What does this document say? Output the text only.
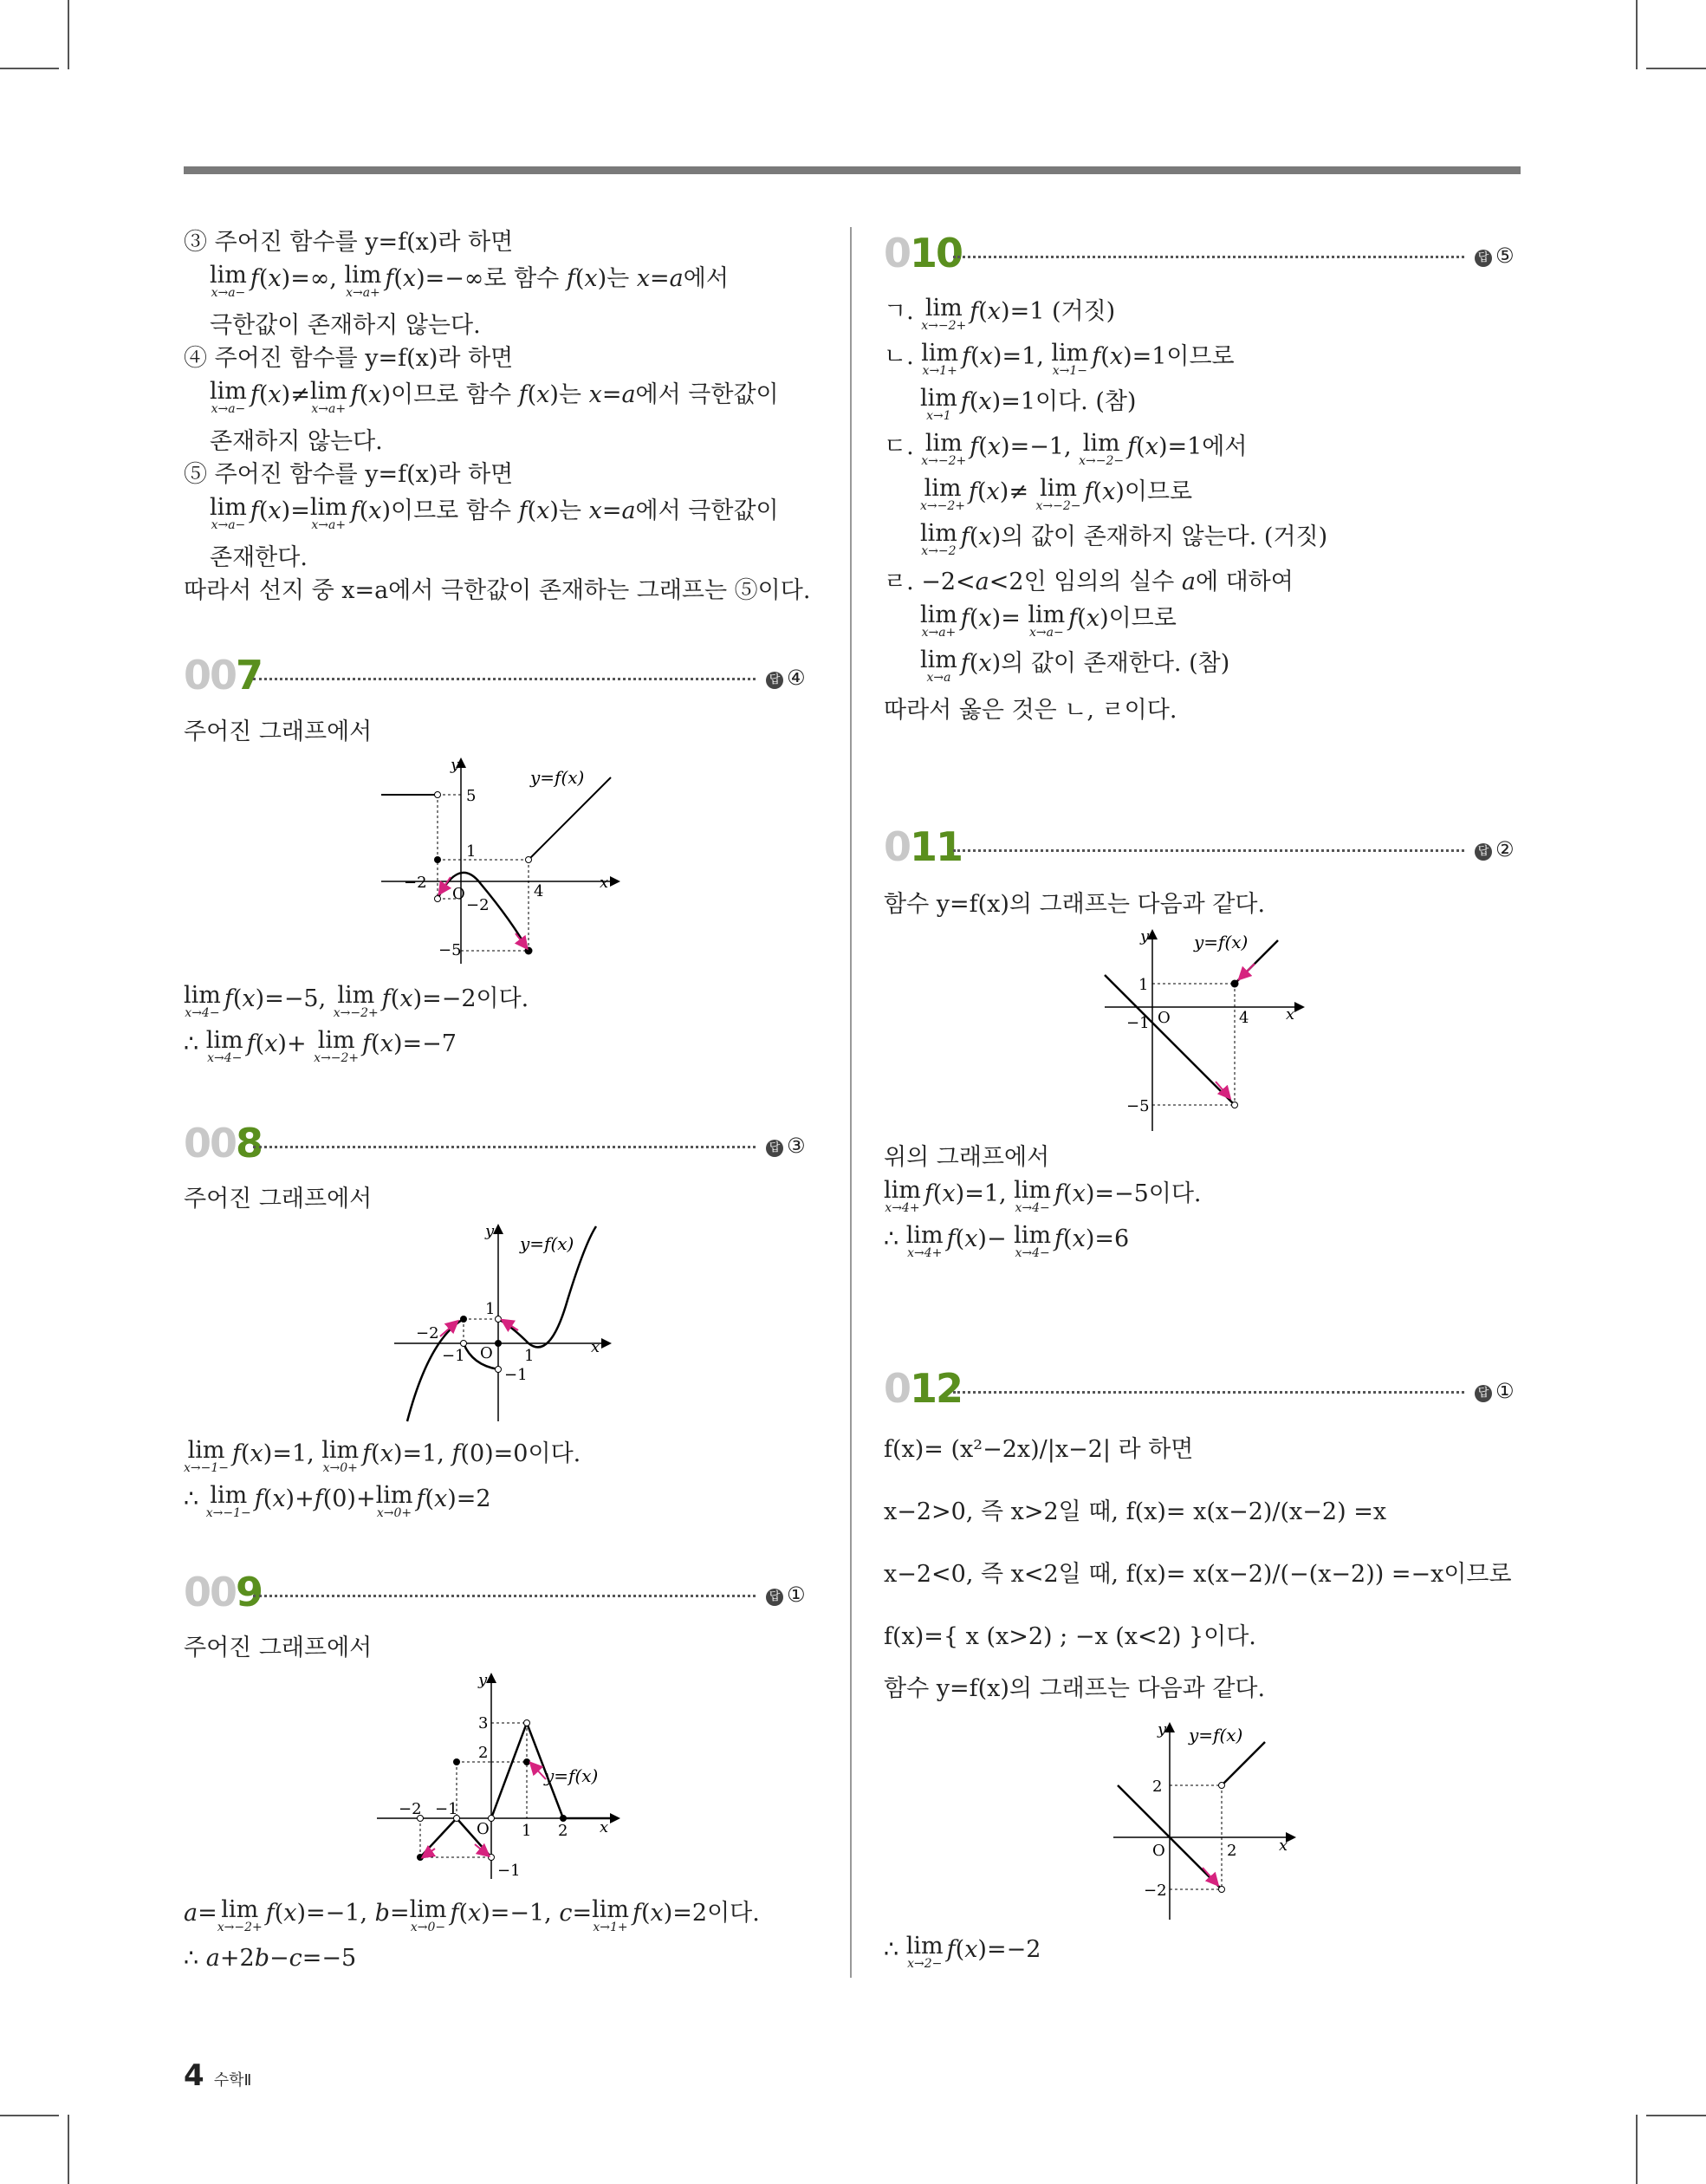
③ 주어진 함수를 y=f(x)라 하면
lim
x→a−
f(x)=∞, lim
x→a+
f(x)=−∞로 함수 f(x)는 x=a에서
극한값이 존재하지 않는다.
④ 주어진 함수를 y=f(x)라 하면
lim
x→a−
f(x)≠lim
x→a+
f(x)이므로 함수 f(x)는 x=a에서 극한값이
존재하지 않는다.
⑤ 주어진 함수를 y=f(x)라 하면
lim
x→a−
f(x)=lim
x→a+
f(x)이므로 함수 f(x)는 x=a에서 극한값이
존재한다.
따라서 선지 중 x=a에서 극한값이 존재하는 그래프는 ⑤이다.
007	답 ④
주어진 그래프에서
y=f(x)
y
x
O
5
1
−2
−5
−2	4
lim
x→4−
f(x)=−5, lim
x→−2+
f(x)=−2이다.
∴ lim
x→4−
f(x)+ lim
x→−2+
f(x)=−7
008	답 ③
주어진 그래프에서
y=f(x)
y
x
O
1
−2
−1	1
−1
lim
x→−1−
f(x)=1, lim
x→0+
f(x)=1, f(0)=0이다.
∴ lim
x→−1−
f(x)+f(0)+lim
x→0+
f(x)=2
009	답 ①
주어진 그래프에서
y=f(x)
y
x
O
3
2
−2 −1
1 2
−1
a= lim
x→−2+
f(x)=−1, b=lim
x→0−
f(x)=−1, c=lim
x→1+
f(x)=2이다.
∴ a+2b−c=−5
010	답 ⑤
ㄱ. lim
x→−2+
f(x)=1 (거짓)
ㄴ. lim
x→1+
f(x)=1, lim
x→1−
f(x)=1이므로
lim
x→1
f(x)=1이다. (참)
ㄷ. lim
x→−2+
f(x)=−1, lim
x→−2−
f(x)=1에서
lim
x→−2+
f(x)≠ lim
x→−2−
f(x)이므로
lim
x→−2
f(x)의 값이 존재하지 않는다. (거짓)
ㄹ. −2<a<2인 임의의 실수 a에 대하여
lim
x→a+
f(x)= lim
x→a−
f(x)이므로
lim
x→a
f(x)의 값이 존재한다. (참)
따라서 옳은 것은 ㄴ, ㄹ이다.
011	답 ②
함수 y=f(x)의 그래프는 다음과 같다.
y=f(x)
y
x
O
1
−1	4
−5
위의 그래프에서
lim
x→4+
f(x)=1, lim
x→4−
f(x)=−5이다.
∴ lim
x→4+
f(x)− lim
x→4−
f(x)=6
012	답 ①
f(x)= (x²−2x)/|x−2| 라 하면
x−2>0, 즉 x>2일 때, f(x)= x(x−2)/(x−2) =x
x−2<0, 즉 x<2일 때, f(x)= x(x−2)/(−(x−2)) =−x이므로
f(x)={ x (x>2) ; −x (x<2) }이다.
함수 y=f(x)의 그래프는 다음과 같다.
y=f(x)
y
x
O
2
2
−2
∴ lim
x→2−
f(x)=−2
4 수학Ⅱ
